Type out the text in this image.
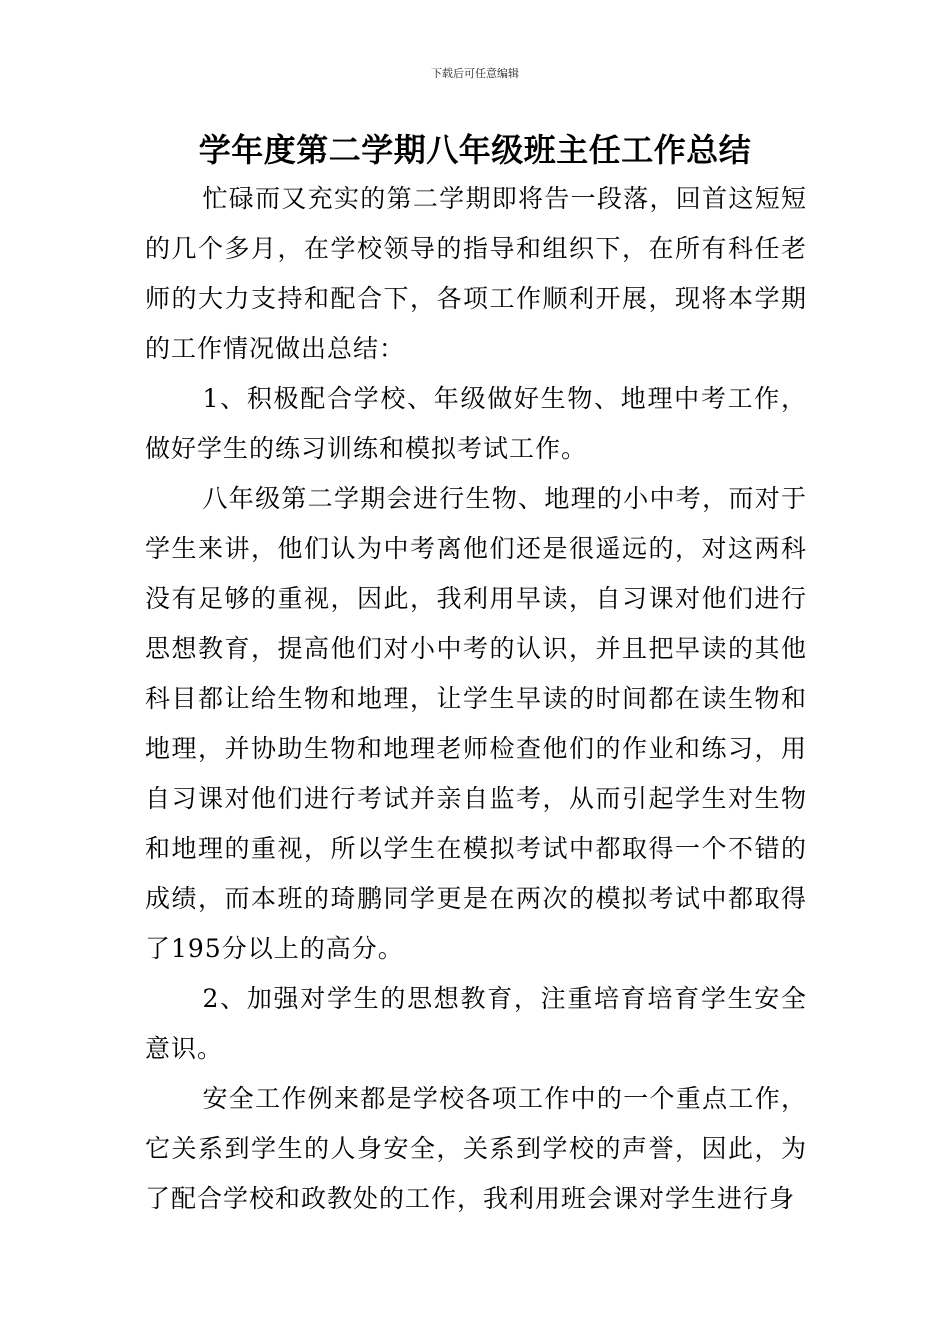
下载后可任意编辑
学年度第二学期八年级班主任工作总结

忙碌而又充实的第二学期即将告一段落，回首这短短的几个多月，在学校领导的指导和组织下，在所有科任老师的大力支持和配合下，各项工作顺利开展，现将本学期的工作情况做出总结：

1、积极配合学校、年级做好生物、地理中考工作，做好学生的练习训练和模拟考试工作。

八年级第二学期会进行生物、地理的小中考，而对于学生来讲，他们认为中考离他们还是很遥远的，对这两科没有足够的重视，因此，我利用早读，自习课对他们进行思想教育，提高他们对小中考的认识，并且把早读的其他科目都让给生物和地理，让学生早读的时间都在读生物和地理，并协助生物和地理老师检查他们的作业和练习，用自习课对他们进行考试并亲自监考，从而引起学生对生物和地理的重视，所以学生在模拟考试中都取得一个不错的成绩，而本班的琦鹏同学更是在两次的模拟考试中都取得了195分以上的高分。

2、加强对学生的思想教育，注重培育培育学生安全意识。

安全工作例来都是学校各项工作中的一个重点工作，它关系到学生的人身安全，关系到学校的声誉，因此，为了配合学校和政教处的工作，我利用班会课对学生进行身
